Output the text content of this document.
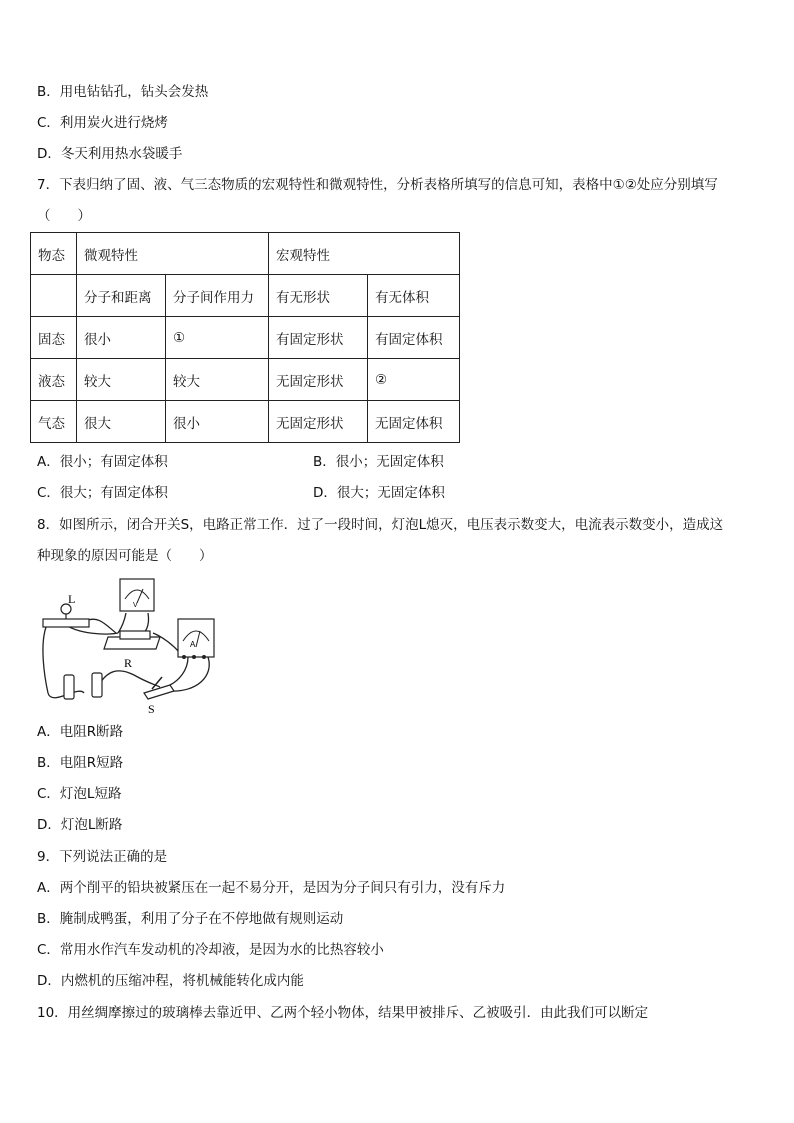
B．用电钻钻孔，钻头会发热
C．利用炭火进行烧烤
D．冬天利用热水袋暖手
7．下表归纳了固、液、气三态物质的宏观特性和微观特性，分析表格所填写的信息可知，表格中①②处应分别填写
（　　）
物态	微观特性		宏观特性	
	分子和距离	分子间作用力	有无形状	有无体积
固态	很小	①	有固定形状	有固定体积
液态	较大	较大	无固定形状	②
气态	很大	很小	无固定形状	无固定体积
A．很小；有固定体积	B．很小；无固定体积
C．很大；有固定体积	D．很大；无固定体积
8．如图所示，闭合开关S，电路正常工作．过了一段时间，灯泡L熄灭，电压表示数变大，电流表示数变小，造成这
种现象的原因可能是（　　）
L	V
R
A
S
A．电阻R断路
B．电阻R短路
C．灯泡L短路
D．灯泡L断路
9．下列说法正确的是
A．两个削平的铅块被紧压在一起不易分开，是因为分子间只有引力，没有斥力
B．腌制成鸭蛋，利用了分子在不停地做有规则运动
C．常用水作汽车发动机的冷却液，是因为水的比热容较小
D．内燃机的压缩冲程，将机械能转化成内能
10．用丝绸摩擦过的玻璃棒去靠近甲、乙两个轻小物体，结果甲被排斥、乙被吸引．由此我们可以断定
